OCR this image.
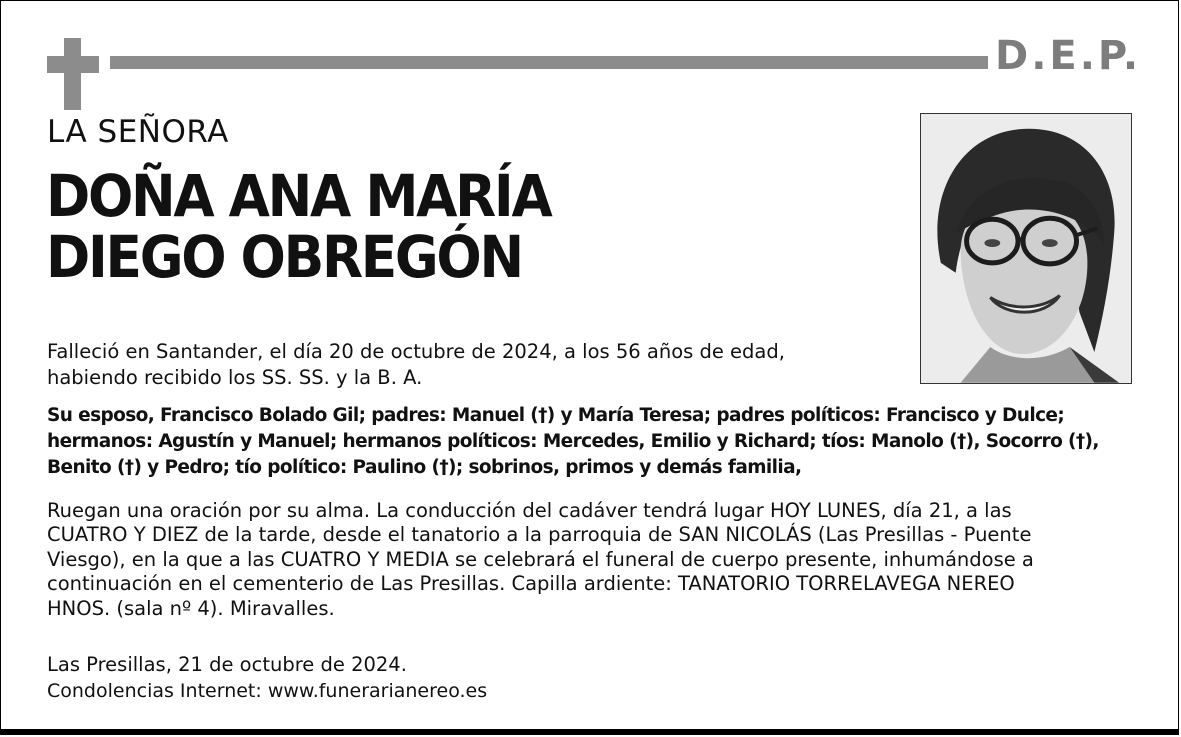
D.E.P.
LA SEÑORA
DOÑA ANA MARÍA
DIEGO OBREGÓN
Falleció en Santander, el día 20 de octubre de 2024, a los 56 años de edad, habiendo recibido los SS. SS. y la B. A.
Su esposo, Francisco Bolado Gil; padres: Manuel (†) y María Teresa; padres políticos: Francisco y Dulce; hermanos: Agustín y Manuel; hermanos políticos: Mercedes, Emilio y Richard; tíos: Manolo (†), Socorro (†), Benito (†) y Pedro; tío político: Paulino (†); sobrinos, primos y demás familia,
Ruegan una oración por su alma. La conducción del cadáver tendrá lugar HOY LUNES, día 21, a las CUATRO Y DIEZ de la tarde, desde el tanatorio a la parroquia de SAN NICOLÁS (Las Presillas - Puente Viesgo), en la que a las CUATRO Y MEDIA se celebrará el funeral de cuerpo presente, inhumándose a continuación en el cementerio de Las Presillas. Capilla ardiente: TANATORIO TORRELAVEGA NEREO HNOS. (sala nº 4). Miravalles.
Las Presillas, 21 de octubre de 2024.
Condolencias Internet: www.funerarianereo.es
